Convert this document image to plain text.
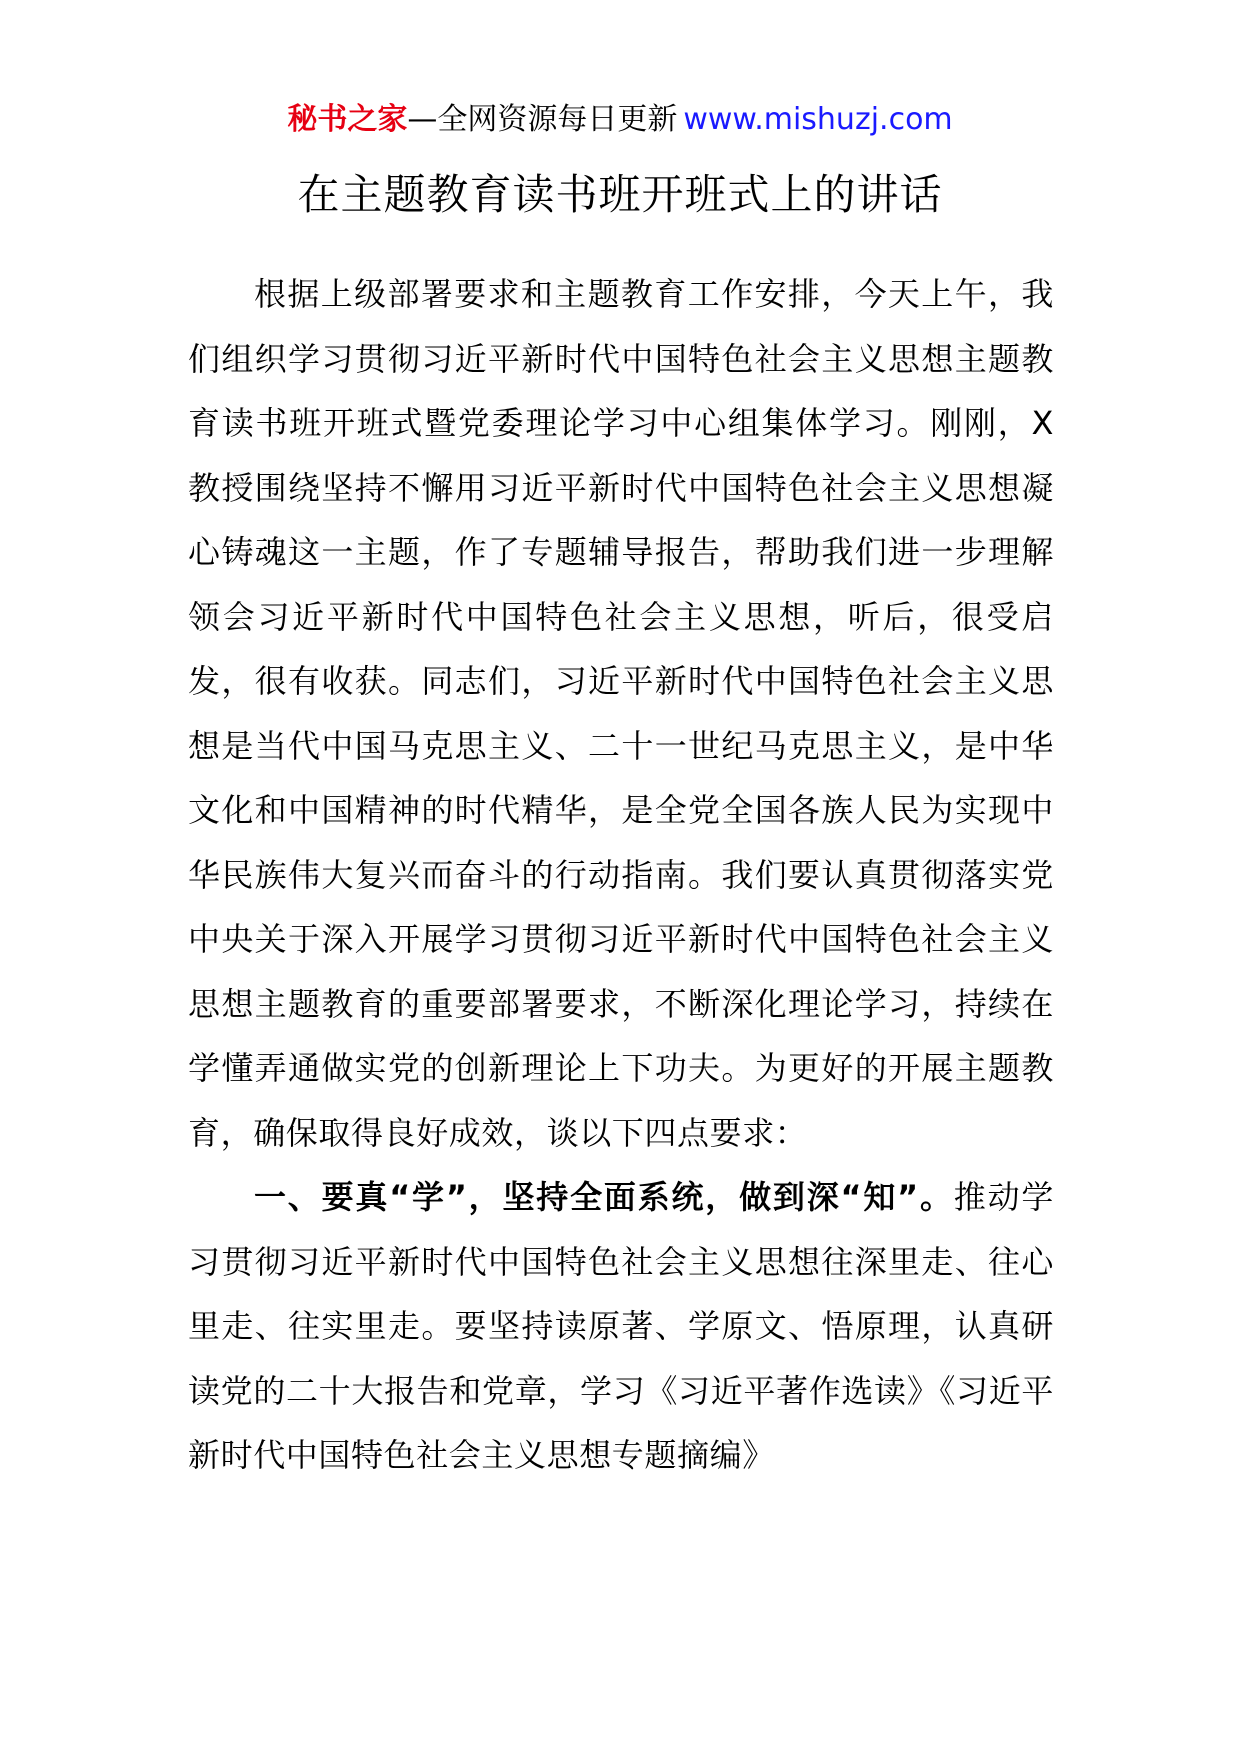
秘书之家—全网资源每日更新 www.mishuzj.com
在主题教育读书班开班式上的讲话

根据上级部署要求和主题教育工作安排，今天上午，我们组织学习贯彻习近平新时代中国特色社会主义思想主题教育读书班开班式暨党委理论学习中心组集体学习。刚刚，X教授围绕坚持不懈用习近平新时代中国特色社会主义思想凝心铸魂这一主题，作了专题辅导报告，帮助我们进一步理解领会习近平新时代中国特色社会主义思想，听后，很受启发，很有收获。同志们，习近平新时代中国特色社会主义思想是当代中国马克思主义、二十一世纪马克思主义，是中华文化和中国精神的时代精华，是全党全国各族人民为实现中华民族伟大复兴而奋斗的行动指南。我们要认真贯彻落实党中央关于深入开展学习贯彻习近平新时代中国特色社会主义思想主题教育的重要部署要求，不断深化理论学习，持续在学懂弄通做实党的创新理论上下功夫。为更好的开展主题教育，确保取得良好成效，谈以下四点要求：

一、要真“学”，坚持全面系统，做到深“知”。推动学习贯彻习近平新时代中国特色社会主义思想往深里走、往心里走、往实里走。要坚持读原著、学原文、悟原理，认真研读党的二十大报告和党章，学习《习近平著作选读》《习近平新时代中国特色社会主义思想专题摘编》
